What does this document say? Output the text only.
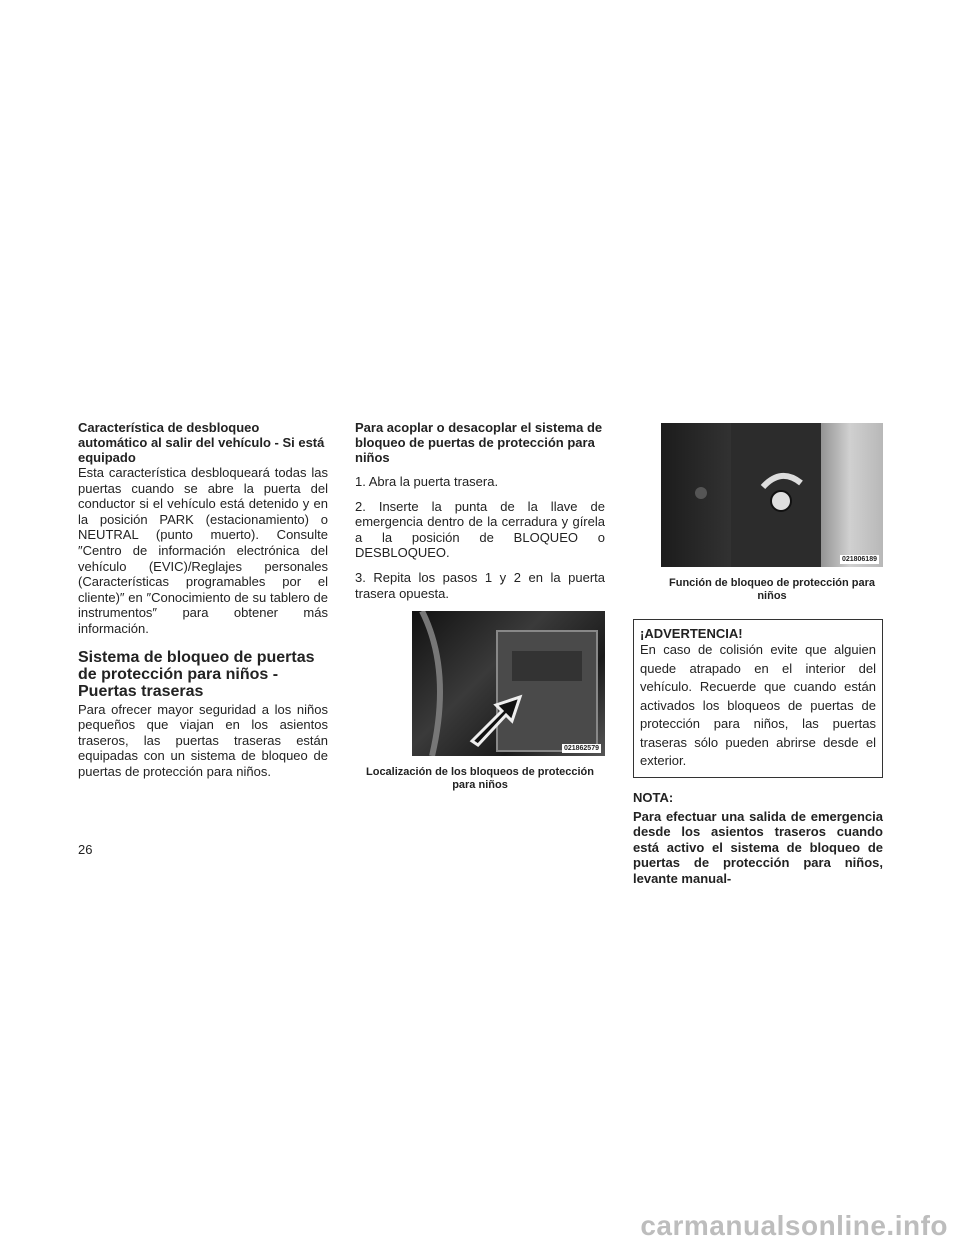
Característica de desbloqueo automático al salir del vehículo - Si está equipado

Esta característica desbloqueará todas las puertas cuando se abre la puerta del conductor si el vehículo está detenido y en la posición PARK (estacionamiento) o NEUTRAL (punto muerto). Consulte ″Centro de información electrónica del vehículo (EVIC)/Reglajes personales (Características programables por el cliente)″ en ″Conocimiento de su tablero de instrumentos″ para obtener más información.

Sistema de bloqueo de puertas de protección para niños - Puertas traseras

Para ofrecer mayor seguridad a los niños pequeños que viajan en los asientos traseros, las puertas traseras están equipadas con un sistema de bloqueo de puertas de protección para niños.

Para acoplar o desacoplar el sistema de bloqueo de puertas de protección para niños

1. Abra la puerta trasera.

2. Inserte la punta de la llave de emergencia dentro de la cerradura y gírela a la posición de BLOQUEO o DESBLOQUEO.

3. Repita los pasos 1 y 2 en la puerta trasera opuesta.

021862579
Localización de los bloqueos de protección para niños
021806189
Función de bloqueo de protección para niños

¡ADVERTENCIA!

En caso de colisión evite que alguien quede atrapado en el interior del vehículo. Recuerde que cuando están activados los bloqueos de puertas de protección para niños, las puertas traseras sólo pueden abrirse desde el exterior.

NOTA:

Para efectuar una salida de emergencia desde los asientos traseros cuando está activo el sistema de bloqueo de puertas de protección para niños, levante manual-

26
carmanualsonline.info
